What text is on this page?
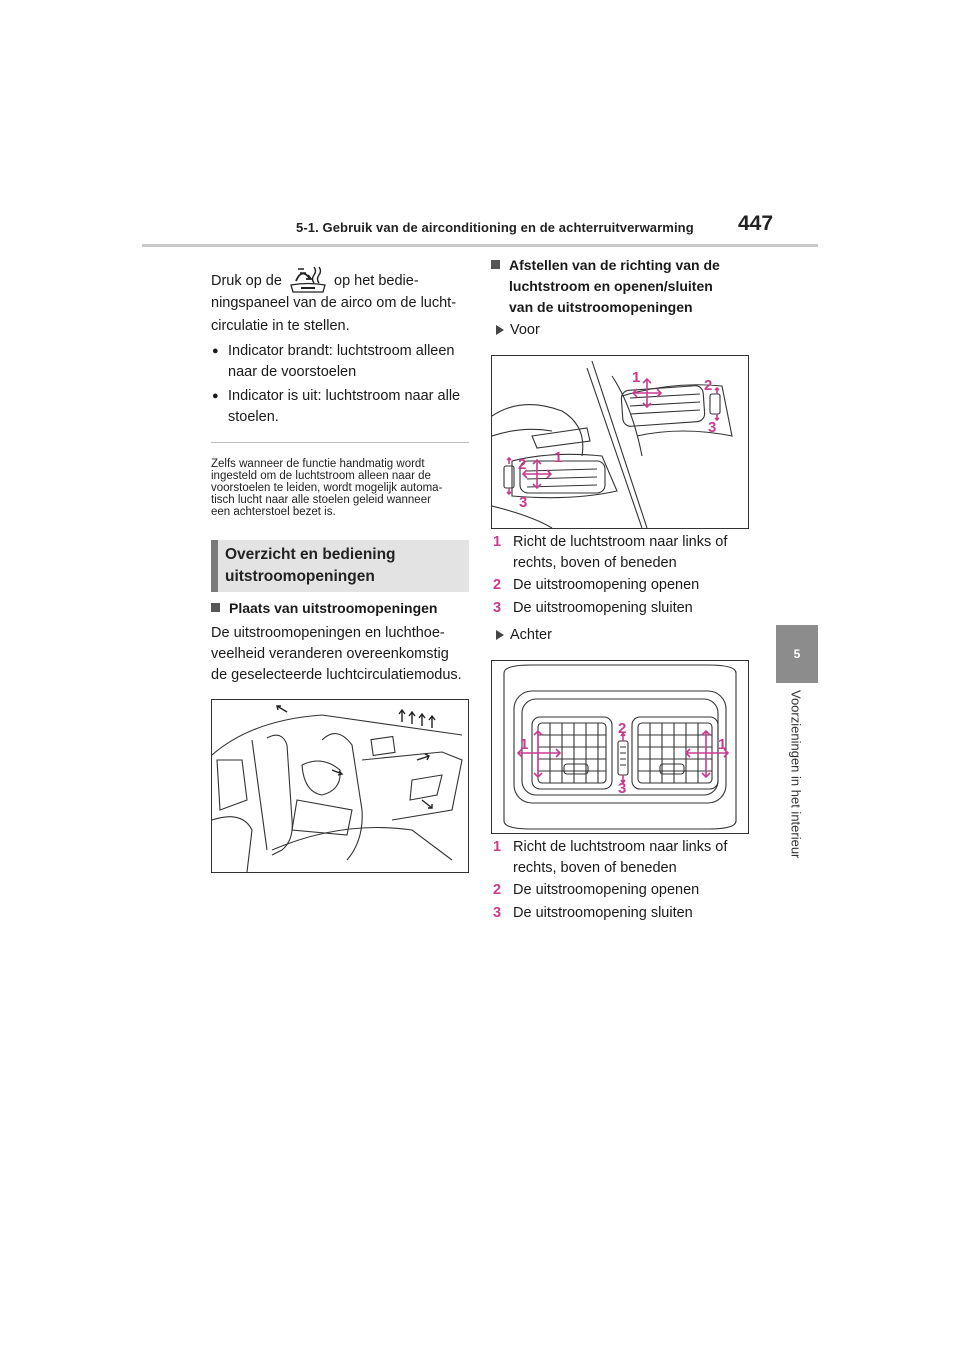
5-1. Gebruik van de airconditioning en de achterruitverwarming 447
5
Voorzieningen in het interieur
Druk op de	op het bedie-
ningspaneel van de airco om de lucht-
circulatie in te stellen.
● Indicator brandt: luchtstroom alleen
naar de voorstoelen
● Indicator is uit: luchtstroom naar alle
stoelen.
Zelfs wanneer de functie handmatig wordt
ingesteld om de luchtstroom alleen naar de
voorstoelen te leiden, wordt mogelijk automa-
tisch lucht naar alle stoelen geleid wanneer
een achterstoel bezet is.
Overzicht en bediening
uitstroomopeningen
Plaats van uitstroomopeningen
De uitstroomopeningen en luchthoe-
veelheid veranderen overeenkomstig
de geselecteerde luchtcirculatiemodus.
Afstellen van de richting van de
luchtstroom en openen/sluiten
van de uitstroomopeningen
Voor
1	2
3
1
2
3
1 Richt de luchtstroom naar links of
rechts, boven of beneden
2 De uitstroomopening openen
3 De uitstroomopening sluiten
Achter
1	1
2
3
1 Richt de luchtstroom naar links of
rechts, boven of beneden
2 De uitstroomopening openen
3 De uitstroomopening sluiten
